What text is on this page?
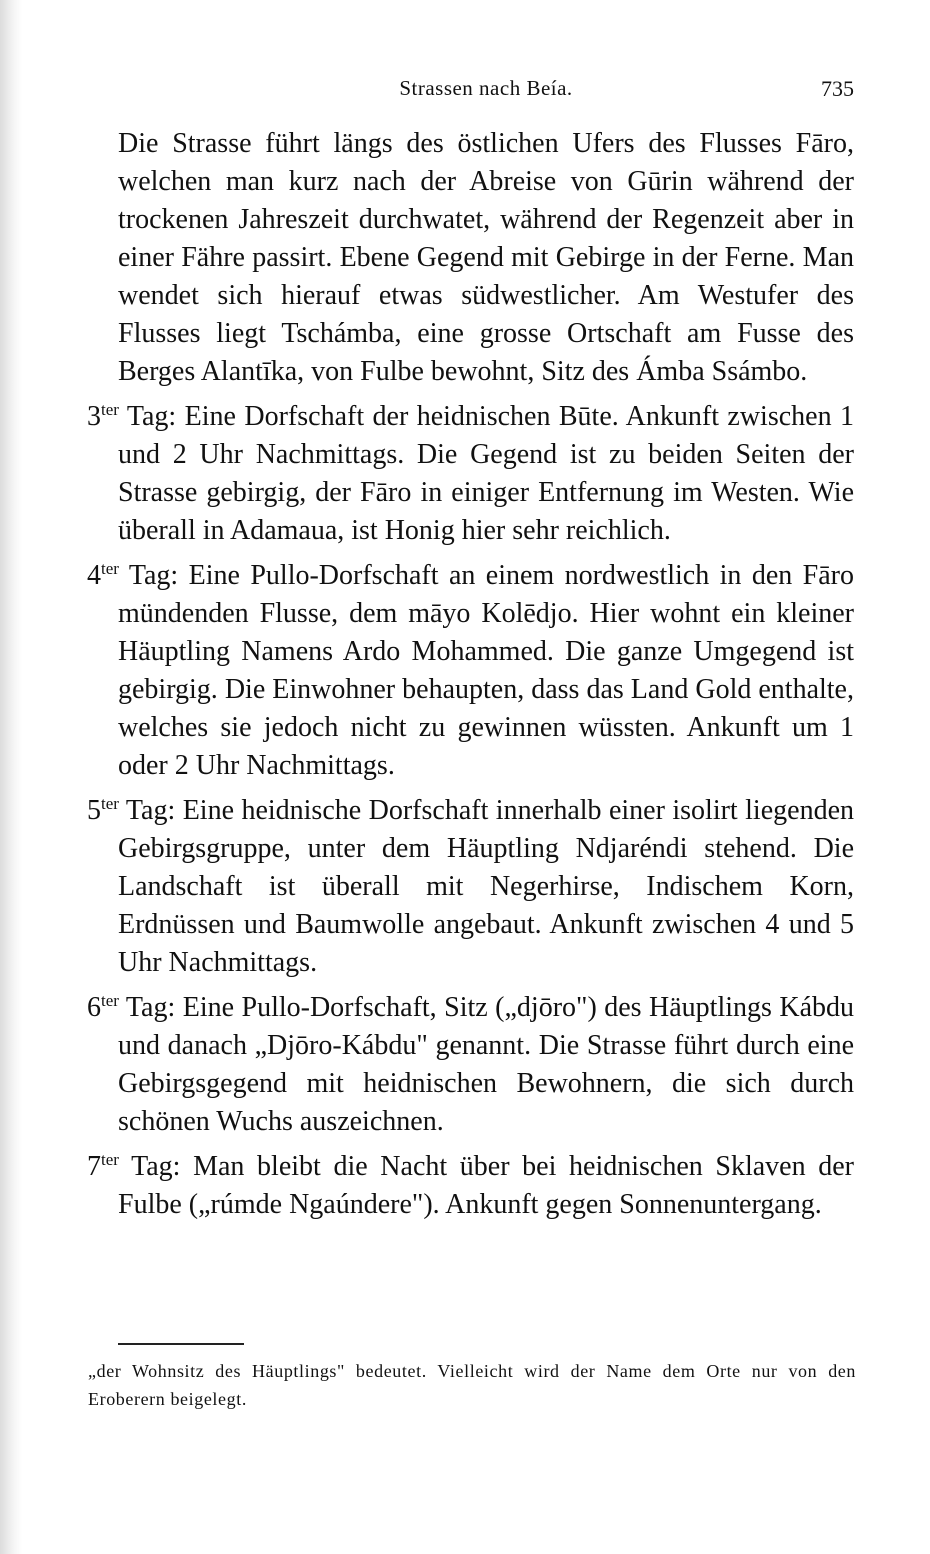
Strassen nach Beía.	735

Die Strasse führt längs des östlichen Ufers des Flusses Fāro, welchen man kurz nach der Abreise von Gūrin während der trockenen Jahreszeit durchwatet, während der Regenzeit aber in einer Fähre passirt. Ebene Gegend mit Gebirge in der Ferne. Man wendet sich hierauf etwas südwestlicher. Am Westufer des Flusses liegt Tschámba, eine grosse Ortschaft am Fusse des Berges Alantīka, von Fulbe bewohnt, Sitz des Ámba Ssámbo.

$3^{ter}$ Tag: Eine Dorfschaft der heidnischen Būte. Ankunft zwischen 1 und 2 Uhr Nachmittags. Die Gegend ist zu beiden Seiten der Strasse gebirgig, der Fāro in einiger Entfernung im Westen. Wie überall in Adamaua, ist Honig hier sehr reichlich.

$4^{ter}$ Tag: Eine Pullo-Dorfschaft an einem nordwestlich in den Fāro mündenden Flusse, dem māyo Kolēdjo. Hier wohnt ein kleiner Häuptling Namens Ardo Mohammed. Die ganze Umgegend ist gebirgig. Die Einwohner behaupten, dass das Land Gold enthalte, welches sie jedoch nicht zu gewinnen wüssten. Ankunft um 1 oder 2 Uhr Nachmittags.

$5^{ter}$ Tag: Eine heidnische Dorfschaft innerhalb einer isolirt liegenden Gebirgsgruppe, unter dem Häuptling Ndjaréndi stehend. Die Landschaft ist überall mit Negerhirse, Indischem Korn, Erdnüssen und Baumwolle angebaut. Ankunft zwischen 4 und 5 Uhr Nachmittags.

$6^{ter}$ Tag: Eine Pullo-Dorfschaft, Sitz („djōro") des Häuptlings Kábdu und danach „Djōro-Kábdu" genannt. Die Strasse führt durch eine Gebirgsgegend mit heidnischen Bewohnern, die sich durch schönen Wuchs auszeichnen.

$7^{ter}$ Tag: Man bleibt die Nacht über bei heidnischen Sklaven der Fulbe („rúmde Ngaúndere"). Ankunft gegen Sonnenuntergang.

„der Wohnsitz des Häuptlings" bedeutet. Vielleicht wird der Name dem Orte nur von den Eroberern beigelegt.
